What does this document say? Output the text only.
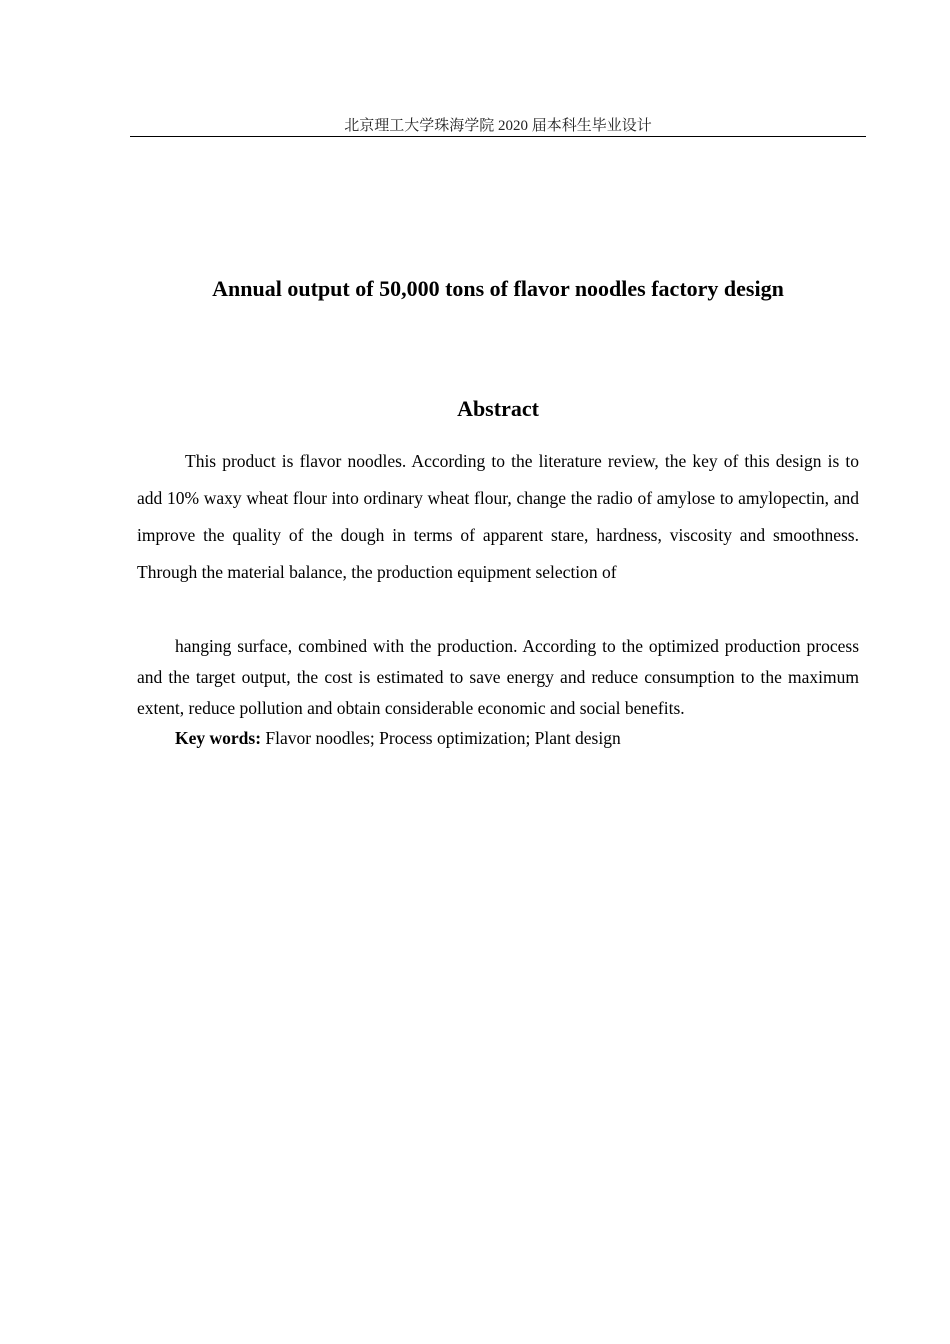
北京理工大学珠海学院 2020 届本科生毕业设计
Annual output of 50,000 tons of flavor noodles factory design
Abstract

This product is flavor noodles. According to the literature review, the key of this design is to add 10% waxy wheat flour into ordinary wheat flour, change the radio of amylose to amylopectin, and improve the quality of the dough in terms of apparent stare, hardness, viscosity and smoothness. Through the material balance, the production equipment selection of

hanging surface, combined with the production. According to the optimized production process and the target output, the cost is estimated to save energy and reduce consumption to the maximum extent, reduce pollution and obtain considerable economic and social benefits.

Key words: Flavor noodles; Process optimization; Plant design
